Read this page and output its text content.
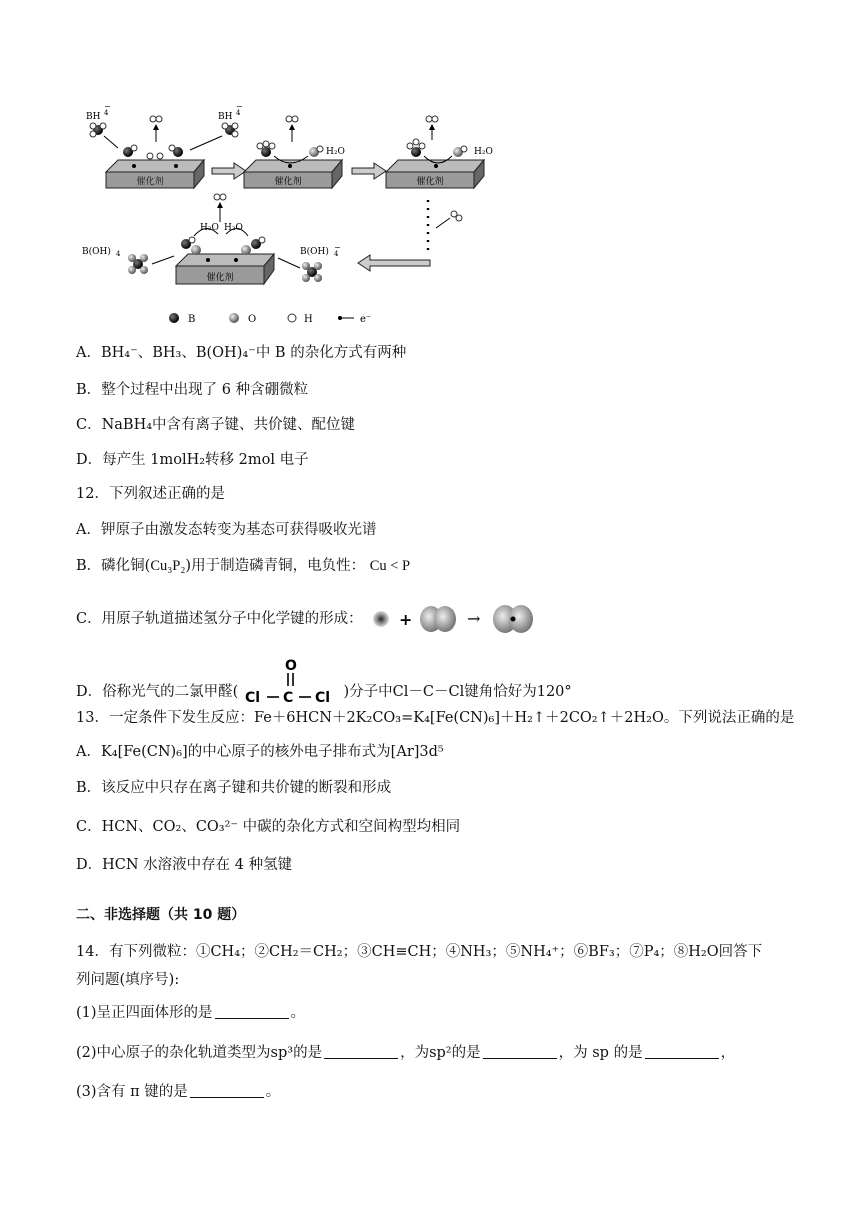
催化剂
BH 4
−
BH 4
−
催化剂
H₂O
催化剂
H₂O
催化剂
H₂O H₂O
B(OH) 4	B(OH) −
4
B	O	H	e⁻
A．BH₄⁻、BH₃、B(OH)₄⁻中 B 的杂化方式有两种
B．整个过程中出现了 6 种含硼微粒
C．NaBH₄中含有离子键、共价键、配位键
D．每产生 1molH₂转移 2mol 电子
12．下列叙述正确的是
A．钾原子由激发态转变为基态可获得吸收光谱
B．磷化铜(Cu₃P₂)用于制造磷青铜，电负性： Cu < P
C．用原子轨道描述氢分子中化学键的形成： +	→
D．俗称光气的二氯甲醛(
O
Cl C Cl )分子中Cl－C－Cl键角恰好为120°
13．一定条件下发生反应：Fe＋6HCN＋2K₂CO₃=K₄[Fe(CN)₆]＋H₂↑＋2CO₂↑＋2H₂O。下列说法正确的是
A．K₄[Fe(CN)₆]的中心原子的核外电子排布式为[Ar]3d⁵
B．该反应中只存在离子键和共价键的断裂和形成
C．HCN、CO₂、CO₃²⁻ 中碳的杂化方式和空间构型均相同
D．HCN 水溶液中存在 4 种氢键
二、非选择题（共 10 题）
14．有下列微粒：①CH₄；②CH₂＝CH₂；③CH≡CH；④NH₃；⑤NH₄⁺；⑥BF₃；⑦P₄；⑧H₂O回答下
列问题(填序号):
(1)呈正四面体形的是	。
(2)中心原子的杂化轨道类型为sp³的是	，为sp²的是	，为 sp 的是	，
(3)含有 π 键的是	。
